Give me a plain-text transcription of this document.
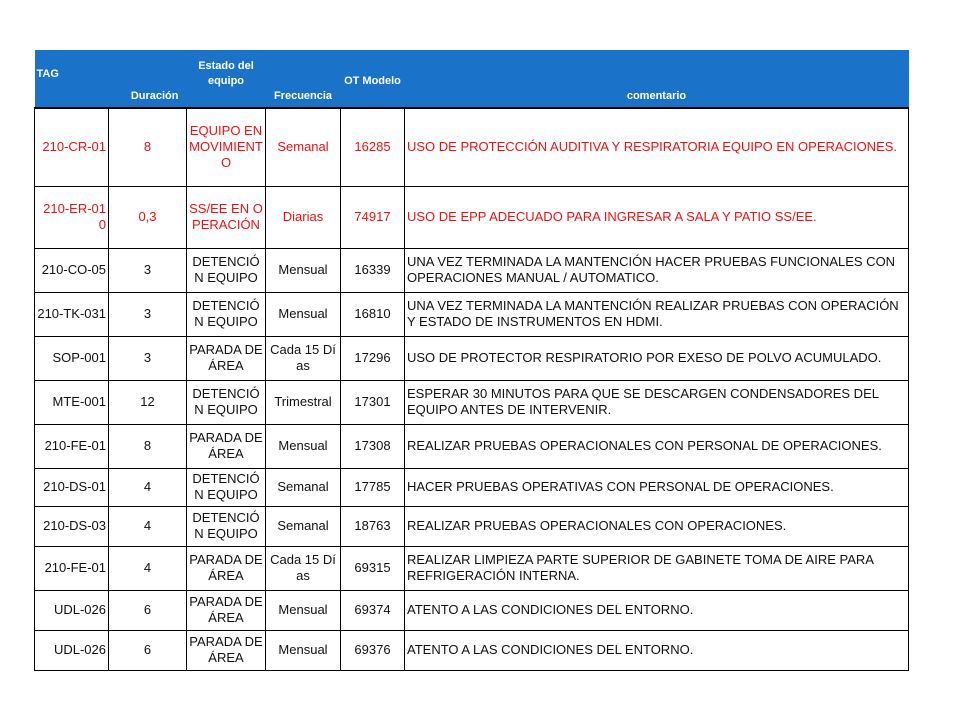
TAG	Duración	Estado del equipo	Frecuencia	OT Modelo	comentario
210-CR-01	8	EQUIPO EN MOVIMIENTO	Semanal	16285	USO DE PROTECCIÓN AUDITIVA Y RESPIRATORIA EQUIPO EN OPERACIONES.
210-ER-010	0,3	SS/EE EN OPERACIÓN	Diarias	74917	USO DE EPP ADECUADO PARA INGRESAR A SALA Y PATIO SS/EE.
210-CO-05	3	DETENCIÓN EQUIPO	Mensual	16339	UNA VEZ TERMINADA LA MANTENCIÓN HACER PRUEBAS FUNCIONALES CON OPERACIONES MANUAL / AUTOMATICO.
210-TK-031	3	DETENCIÓN EQUIPO	Mensual	16810	UNA VEZ TERMINADA LA MANTENCIÓN REALIZAR PRUEBAS CON OPERACIÓN Y ESTADO DE INSTRUMENTOS EN HDMI.
SOP-001	3	PARADA DE ÁREA	Cada 15 Días	17296	USO DE PROTECTOR RESPIRATORIO POR EXESO DE POLVO ACUMULADO.
MTE-001	12	DETENCIÓN EQUIPO	Trimestral	17301	ESPERAR 30 MINUTOS PARA QUE SE DESCARGEN CONDENSADORES DEL EQUIPO ANTES DE INTERVENIR.
210-FE-01	8	PARADA DE ÁREA	Mensual	17308	REALIZAR PRUEBAS OPERACIONALES CON PERSONAL DE OPERACIONES.
210-DS-01	4	DETENCIÓN EQUIPO	Semanal	17785	HACER PRUEBAS OPERATIVAS CON PERSONAL DE OPERACIONES.
210-DS-03	4	DETENCIÓN EQUIPO	Semanal	18763	REALIZAR PRUEBAS OPERACIONALES CON OPERACIONES.
210-FE-01	4	PARADA DE ÁREA	Cada 15 Días	69315	REALIZAR LIMPIEZA PARTE SUPERIOR DE GABINETE TOMA DE AIRE PARA REFRIGERACIÓN INTERNA.
UDL-026	6	PARADA DE ÁREA	Mensual	69374	ATENTO A LAS CONDICIONES DEL ENTORNO.
UDL-026	6	PARADA DE ÁREA	Mensual	69376	ATENTO A LAS CONDICIONES DEL ENTORNO.
